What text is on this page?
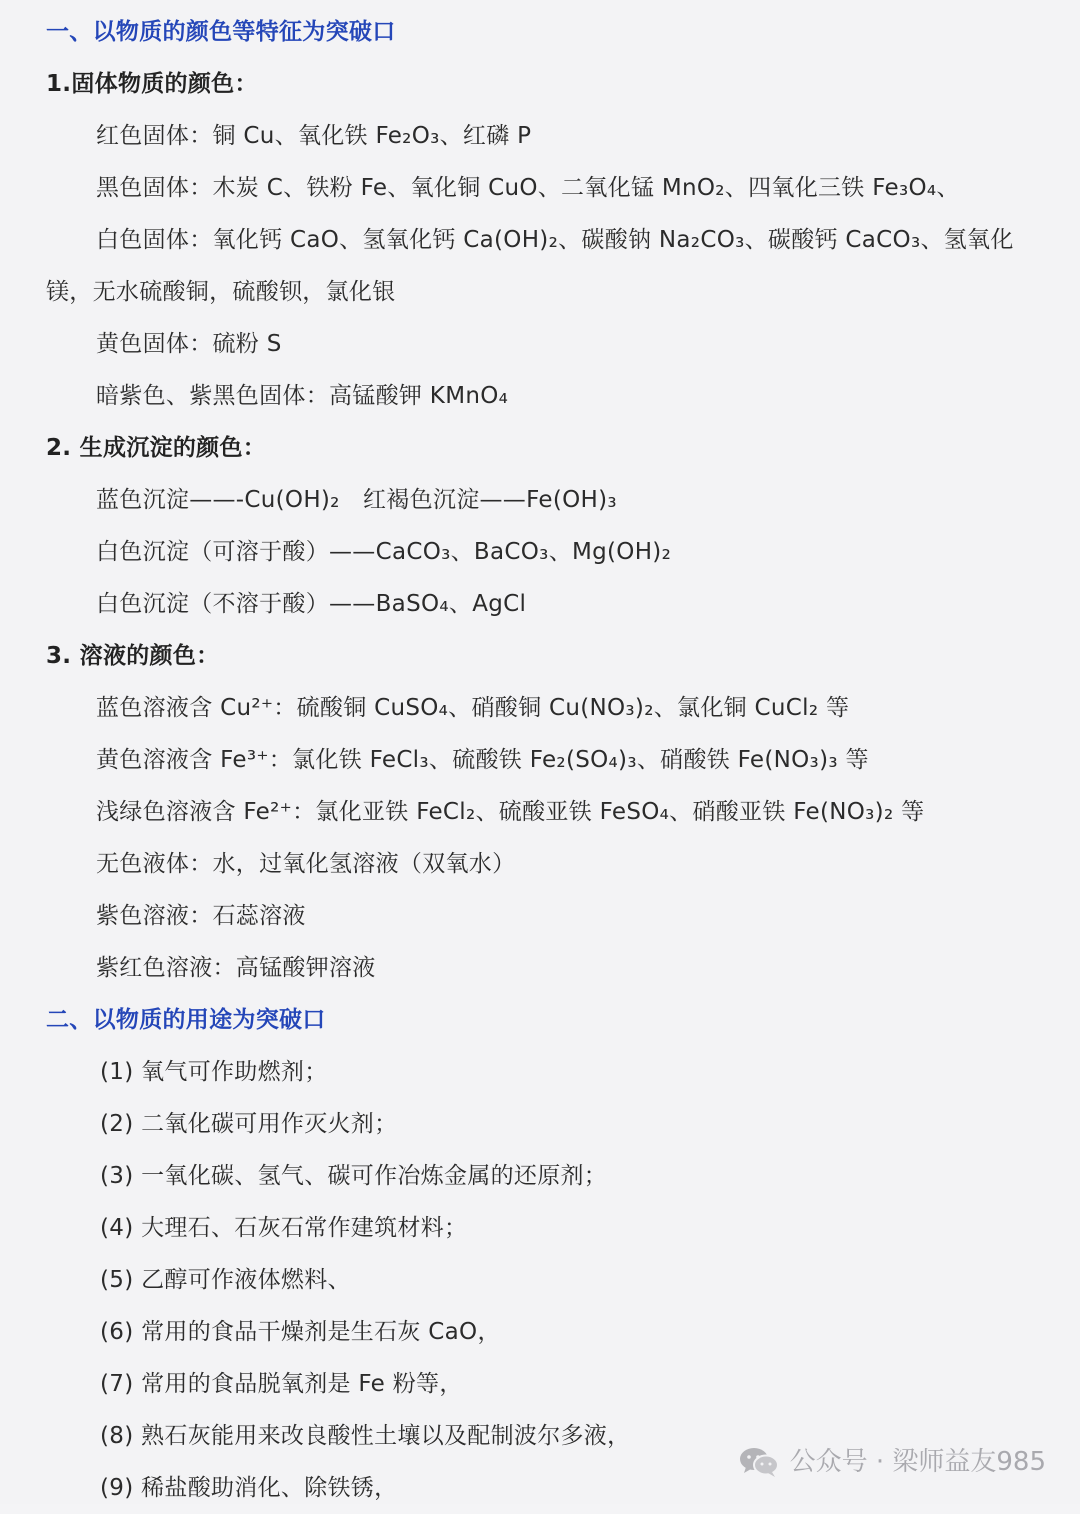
一、以物质的颜色等特征为突破口
1.固体物质的颜色：
红色固体：铜 Cu、氧化铁 Fe₂O₃、红磷 P
黑色固体：木炭 C、铁粉 Fe、氧化铜 CuO、二氧化锰 MnO₂、四氧化三铁 Fe₃O₄、
白色固体：氧化钙 CaO、氢氧化钙 Ca(OH)₂、碳酸钠 Na₂CO₃、碳酸钙 CaCO₃、氢氧化
镁，无水硫酸铜，硫酸钡，氯化银
黄色固体：硫粉 S
暗紫色、紫黑色固体：高锰酸钾 KMnO₄
2. 生成沉淀的颜色：
蓝色沉淀——-Cu(OH)₂　红褐色沉淀——Fe(OH)₃
白色沉淀（可溶于酸）——CaCO₃、BaCO₃、Mg(OH)₂
白色沉淀（不溶于酸）——BaSO₄、AgCl
3. 溶液的颜色：
蓝色溶液含 Cu²⁺：硫酸铜 CuSO₄、硝酸铜 Cu(NO₃)₂、氯化铜 CuCl₂ 等
黄色溶液含 Fe³⁺：氯化铁 FeCl₃、硫酸铁 Fe₂(SO₄)₃、硝酸铁 Fe(NO₃)₃ 等
浅绿色溶液含 Fe²⁺：氯化亚铁 FeCl₂、硫酸亚铁 FeSO₄、硝酸亚铁 Fe(NO₃)₂ 等
无色液体：水，过氧化氢溶液（双氧水）
紫色溶液：石蕊溶液
紫红色溶液：高锰酸钾溶液
二、以物质的用途为突破口
(1) 氧气可作助燃剂；
(2) 二氧化碳可用作灭火剂；
(3) 一氧化碳、氢气、碳可作冶炼金属的还原剂；
(4) 大理石、石灰石常作建筑材料；
(5) 乙醇可作液体燃料、
(6) 常用的食品干燥剂是生石灰 CaO，
(7) 常用的食品脱氧剂是 Fe 粉等，
(8) 熟石灰能用来改良酸性土壤以及配制波尔多液，
(9) 稀盐酸助消化、除铁锈，
公众号 · 梁师益友985
